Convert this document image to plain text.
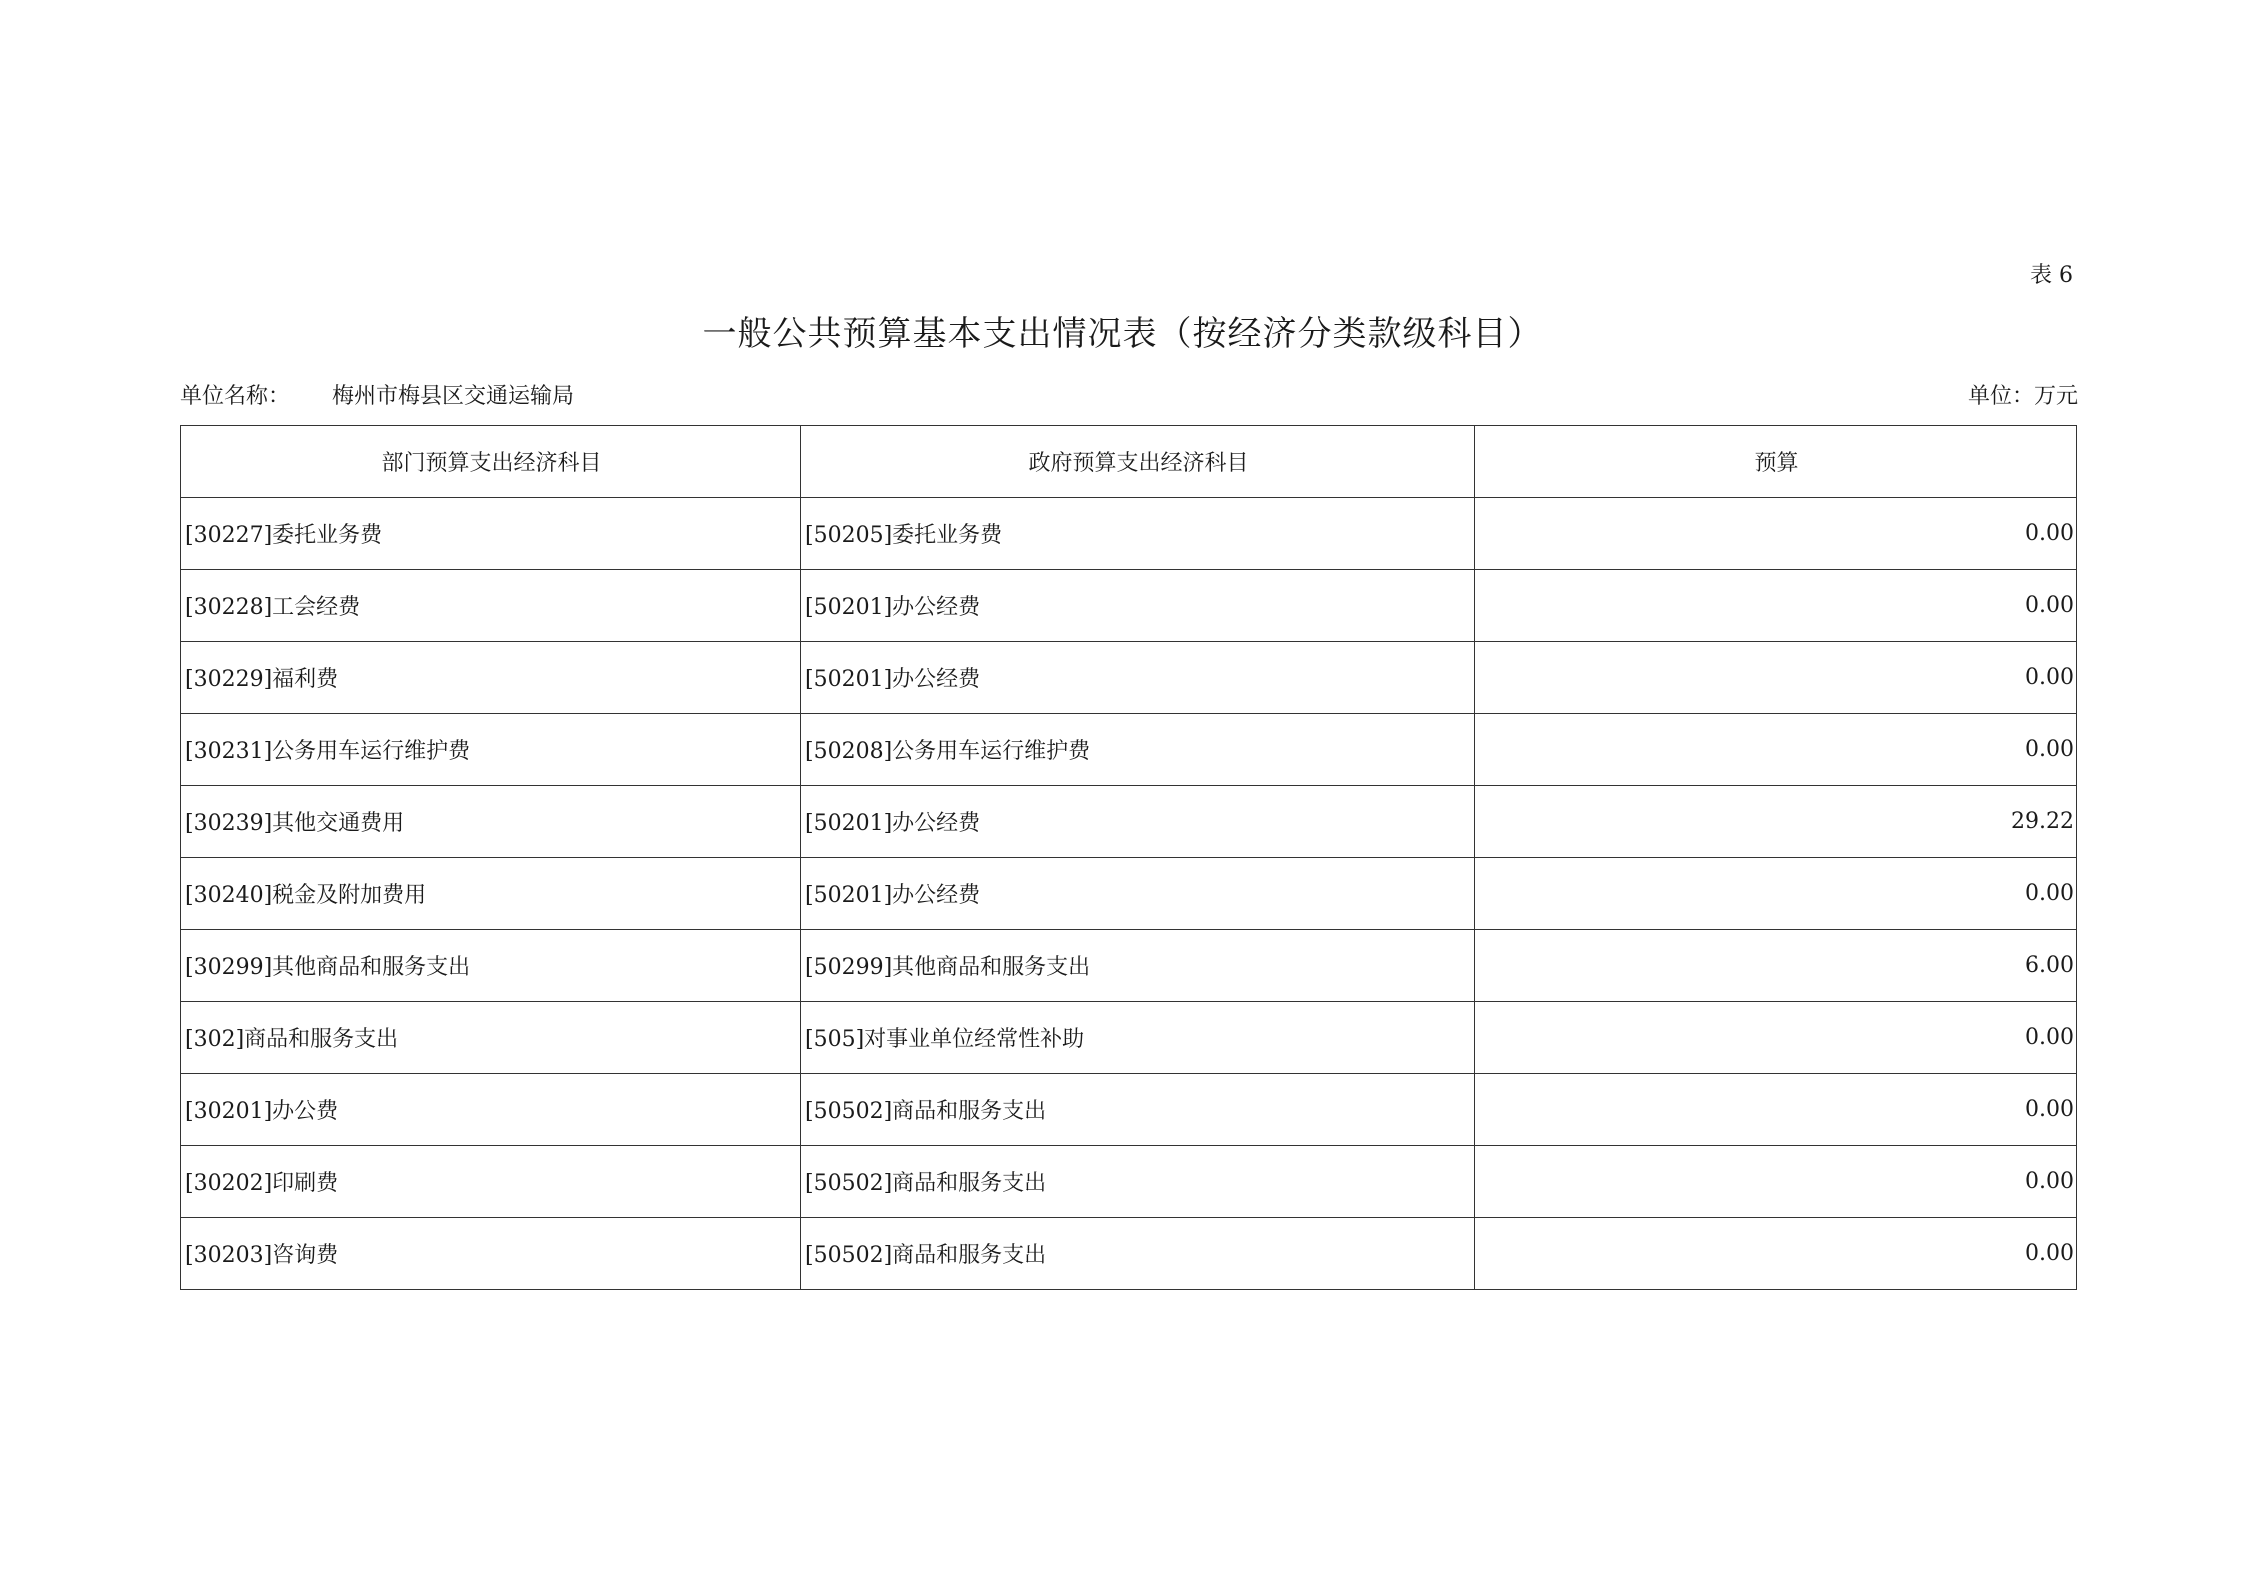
表 6
一般公共预算基本支出情况表（按经济分类款级科目）
单位名称： 梅州市梅县区交通运输局	单位：万元
部门预算支出经济科目	政府预算支出经济科目	预算
[30227]委托业务费	[50205]委托业务费	0.00
[30228]工会经费	[50201]办公经费	0.00
[30229]福利费	[50201]办公经费	0.00
[30231]公务用车运行维护费	[50208]公务用车运行维护费	0.00
[30239]其他交通费用	[50201]办公经费	29.22
[30240]税金及附加费用	[50201]办公经费	0.00
[30299]其他商品和服务支出	[50299]其他商品和服务支出	6.00
[302]商品和服务支出	[505]对事业单位经常性补助	0.00
[30201]办公费	[50502]商品和服务支出	0.00
[30202]印刷费	[50502]商品和服务支出	0.00
[30203]咨询费	[50502]商品和服务支出	0.00
